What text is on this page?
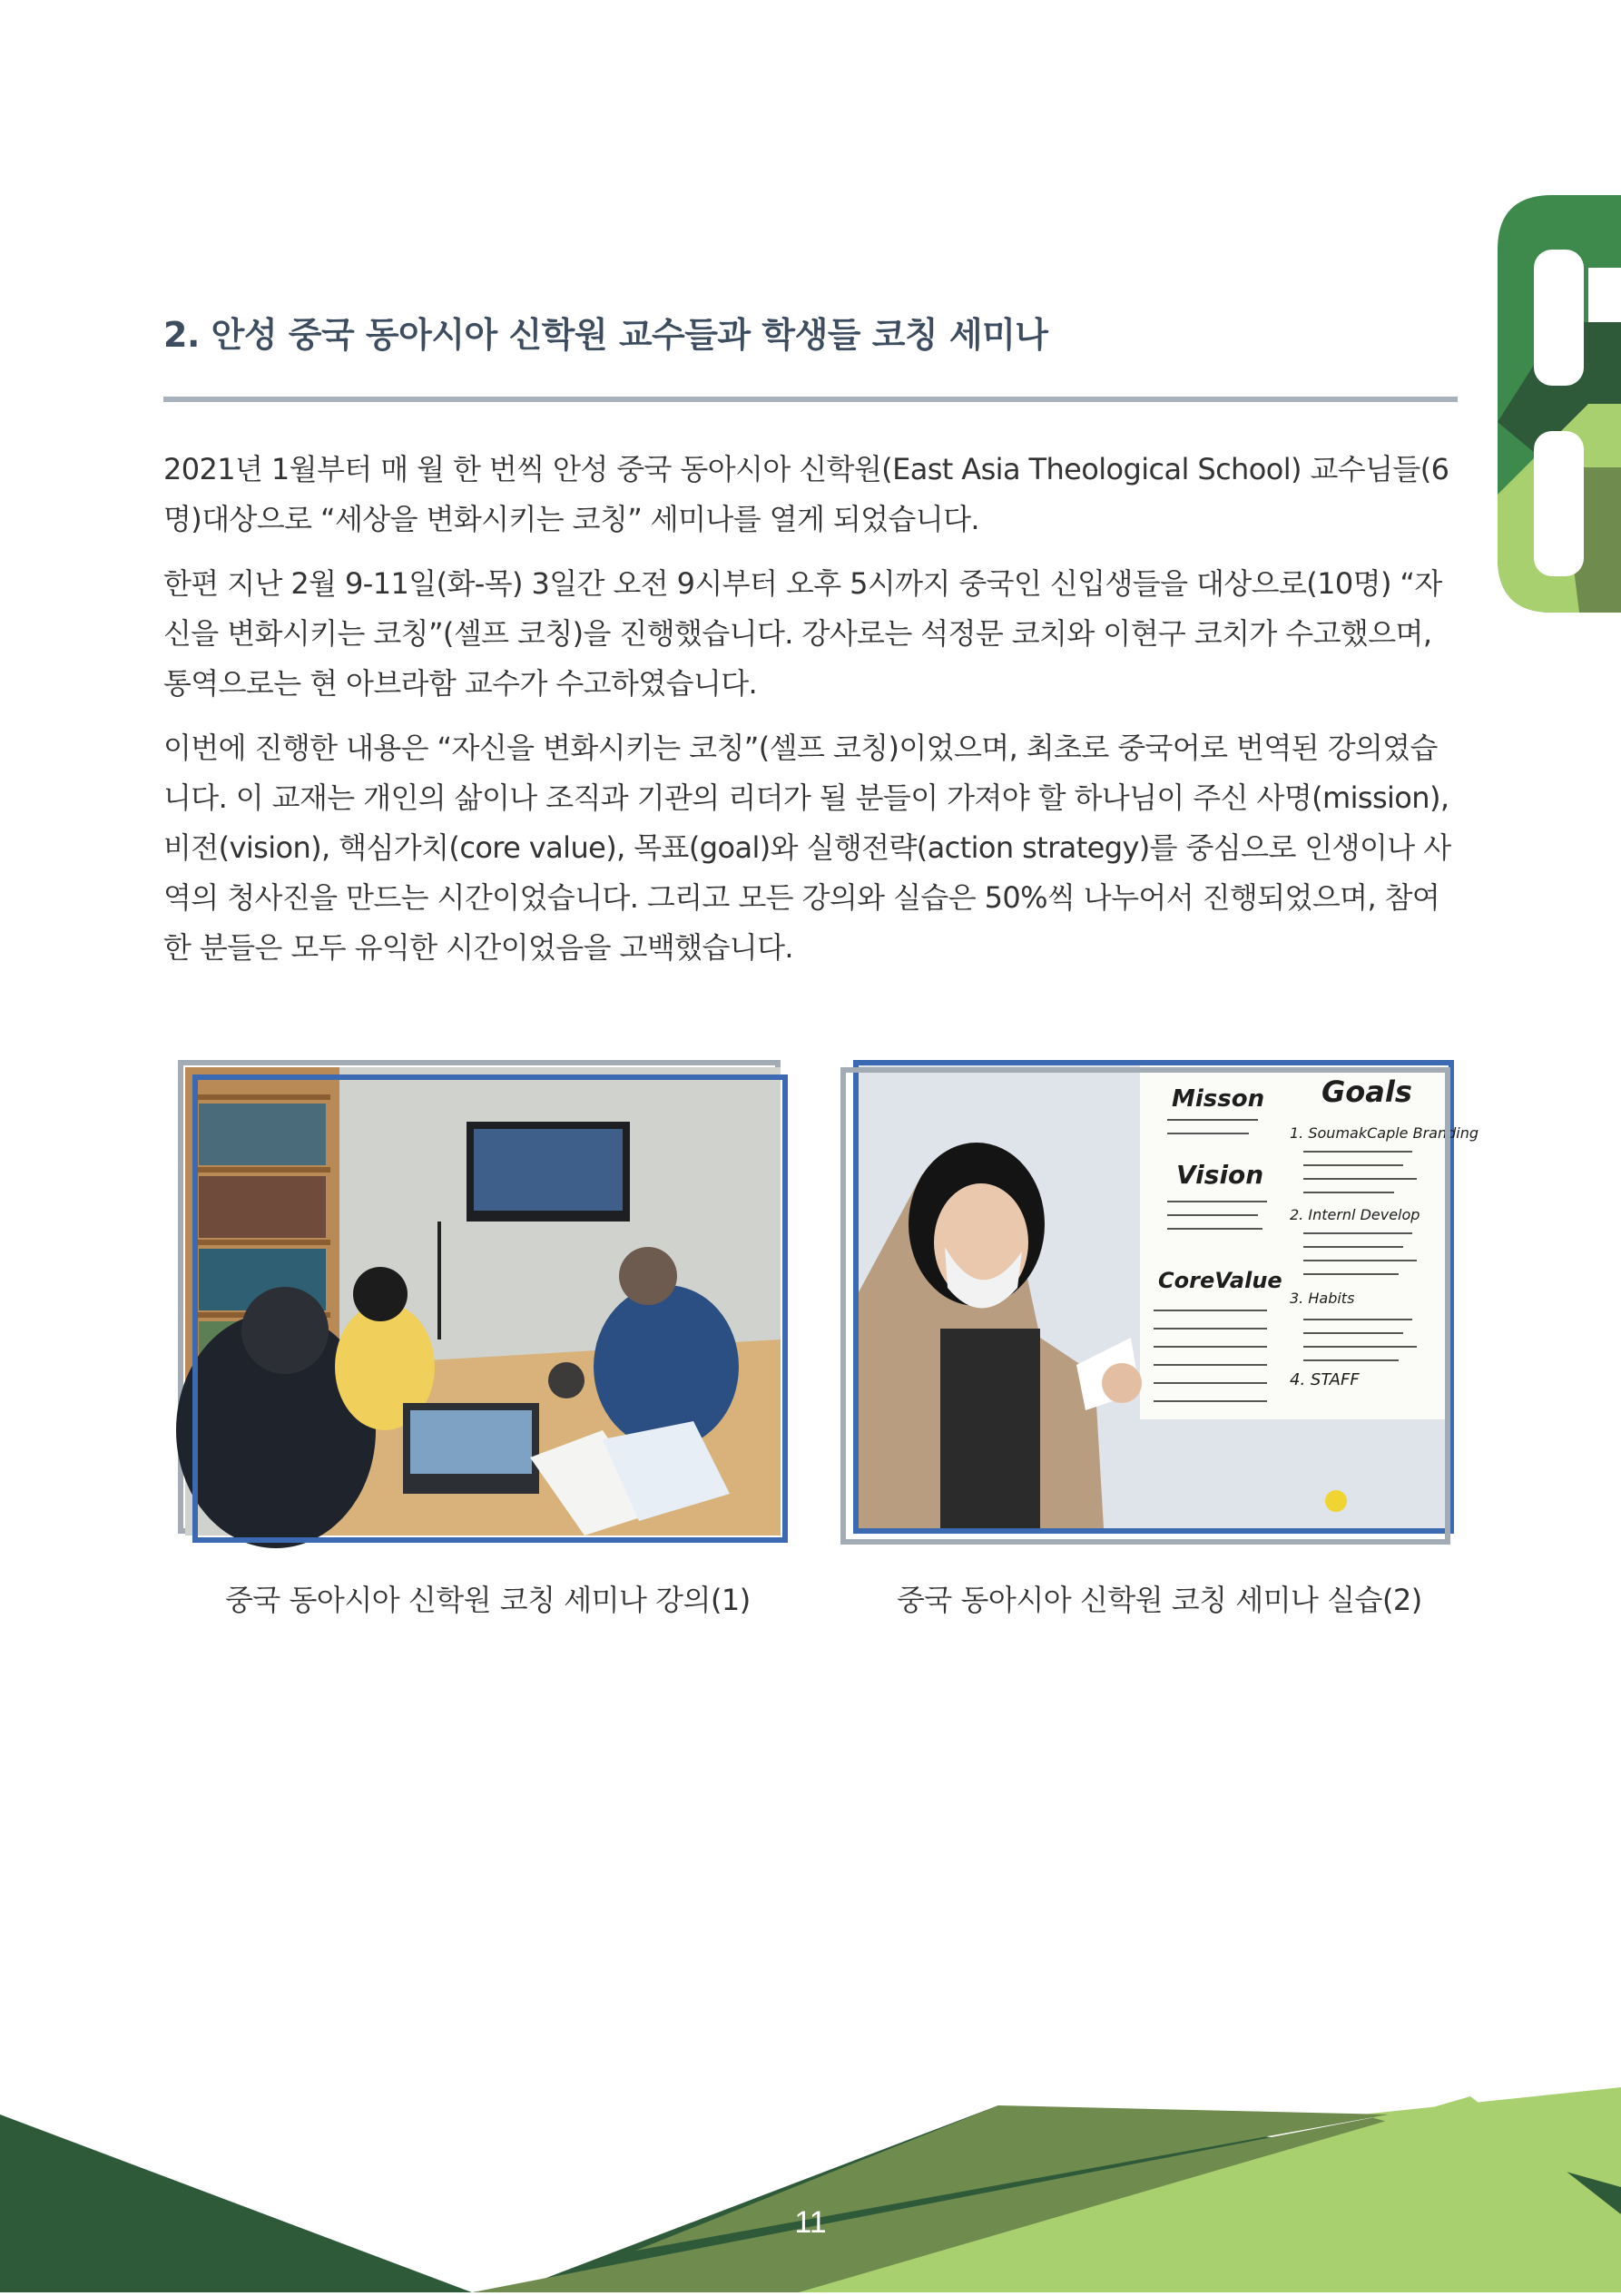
2. 안성 중국 동아시아 신학원 교수들과 학생들 코칭 세미나

2021년 1월부터 매 월 한 번씩 안성 중국 동아시아 신학원(East Asia Theological School) 교수님들(6명)대상으로 “세상을 변화시키는 코칭” 세미나를 열게 되었습니다.

한편 지난 2월 9-11일(화-목) 3일간 오전 9시부터 오후 5시까지 중국인 신입생들을 대상으로(10명) “자신을 변화시키는 코칭”(셀프 코칭)을 진행했습니다. 강사로는 석정문 코치와 이현구 코치가 수고했으며, 통역으로는 현 아브라함 교수가 수고하였습니다.

이번에 진행한 내용은 “자신을 변화시키는 코칭”(셀프 코칭)이었으며, 최초로 중국어로 번역된 강의였습니다. 이 교재는 개인의 삶이나 조직과 기관의 리더가 될 분들이 가져야 할 하나님이 주신 사명(mission), 비전(vision), 핵심가치(core value), 목표(goal)와 실행전략(action strategy)를 중심으로 인생이나 사역의 청사진을 만드는 시간이었습니다. 그리고 모든 강의와 실습은 50%씩 나누어서 진행되었으며, 참여한 분들은 모두 유익한 시간이었음을 고백했습니다.

중국 동아시아 신학원 코칭 세미나 강의(1)
Misson Goals
Vision
CoreValue
1. SoumakCaple Branding
2. Internl Develop
3. Habits
4. STAFF
중국 동아시아 신학원 코칭 세미나 실습(2)
11
